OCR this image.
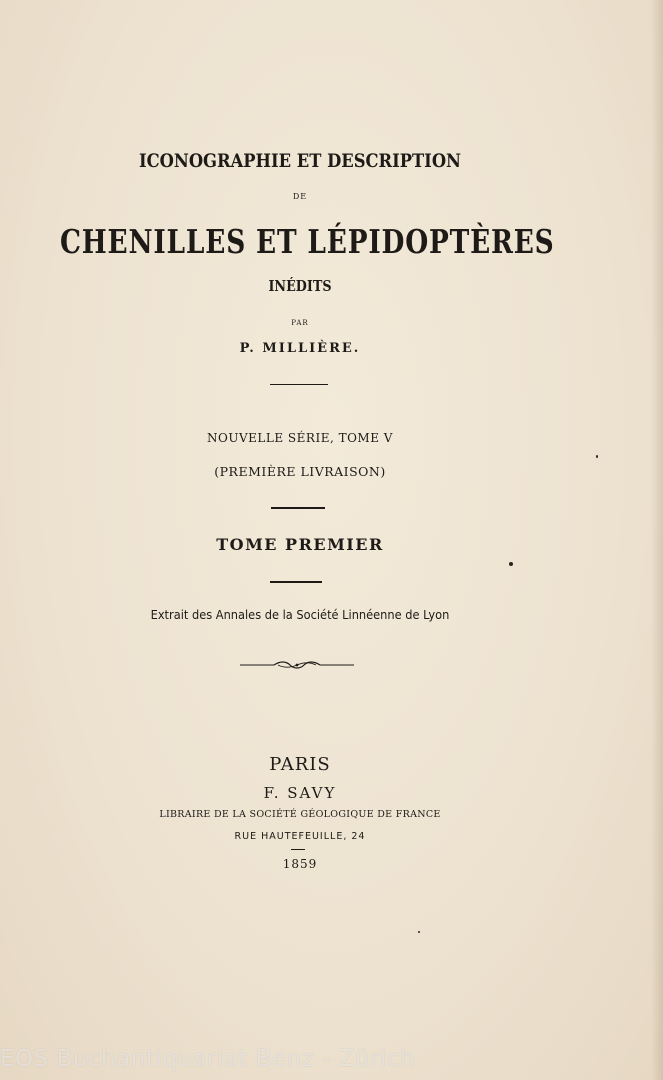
ICONOGRAPHIE ET DESCRIPTION
DE
CHENILLES ET LÉPIDOPTÈRES
INÉDITS
PAR
P. MILLIÈRE.
NOUVELLE SÉRIE, TOME V
(PREMIÈRE LIVRAISON)
TOME PREMIER
Extrait des Annales de la Société Linnéenne de Lyon
PARIS
F. SAVY
LIBRAIRE DE LA SOCIÉTÉ GÉOLOGIQUE DE FRANCE
RUE HAUTEFEUILLE, 24
1859
EOS Buchantiquariat Benz - Zürich
